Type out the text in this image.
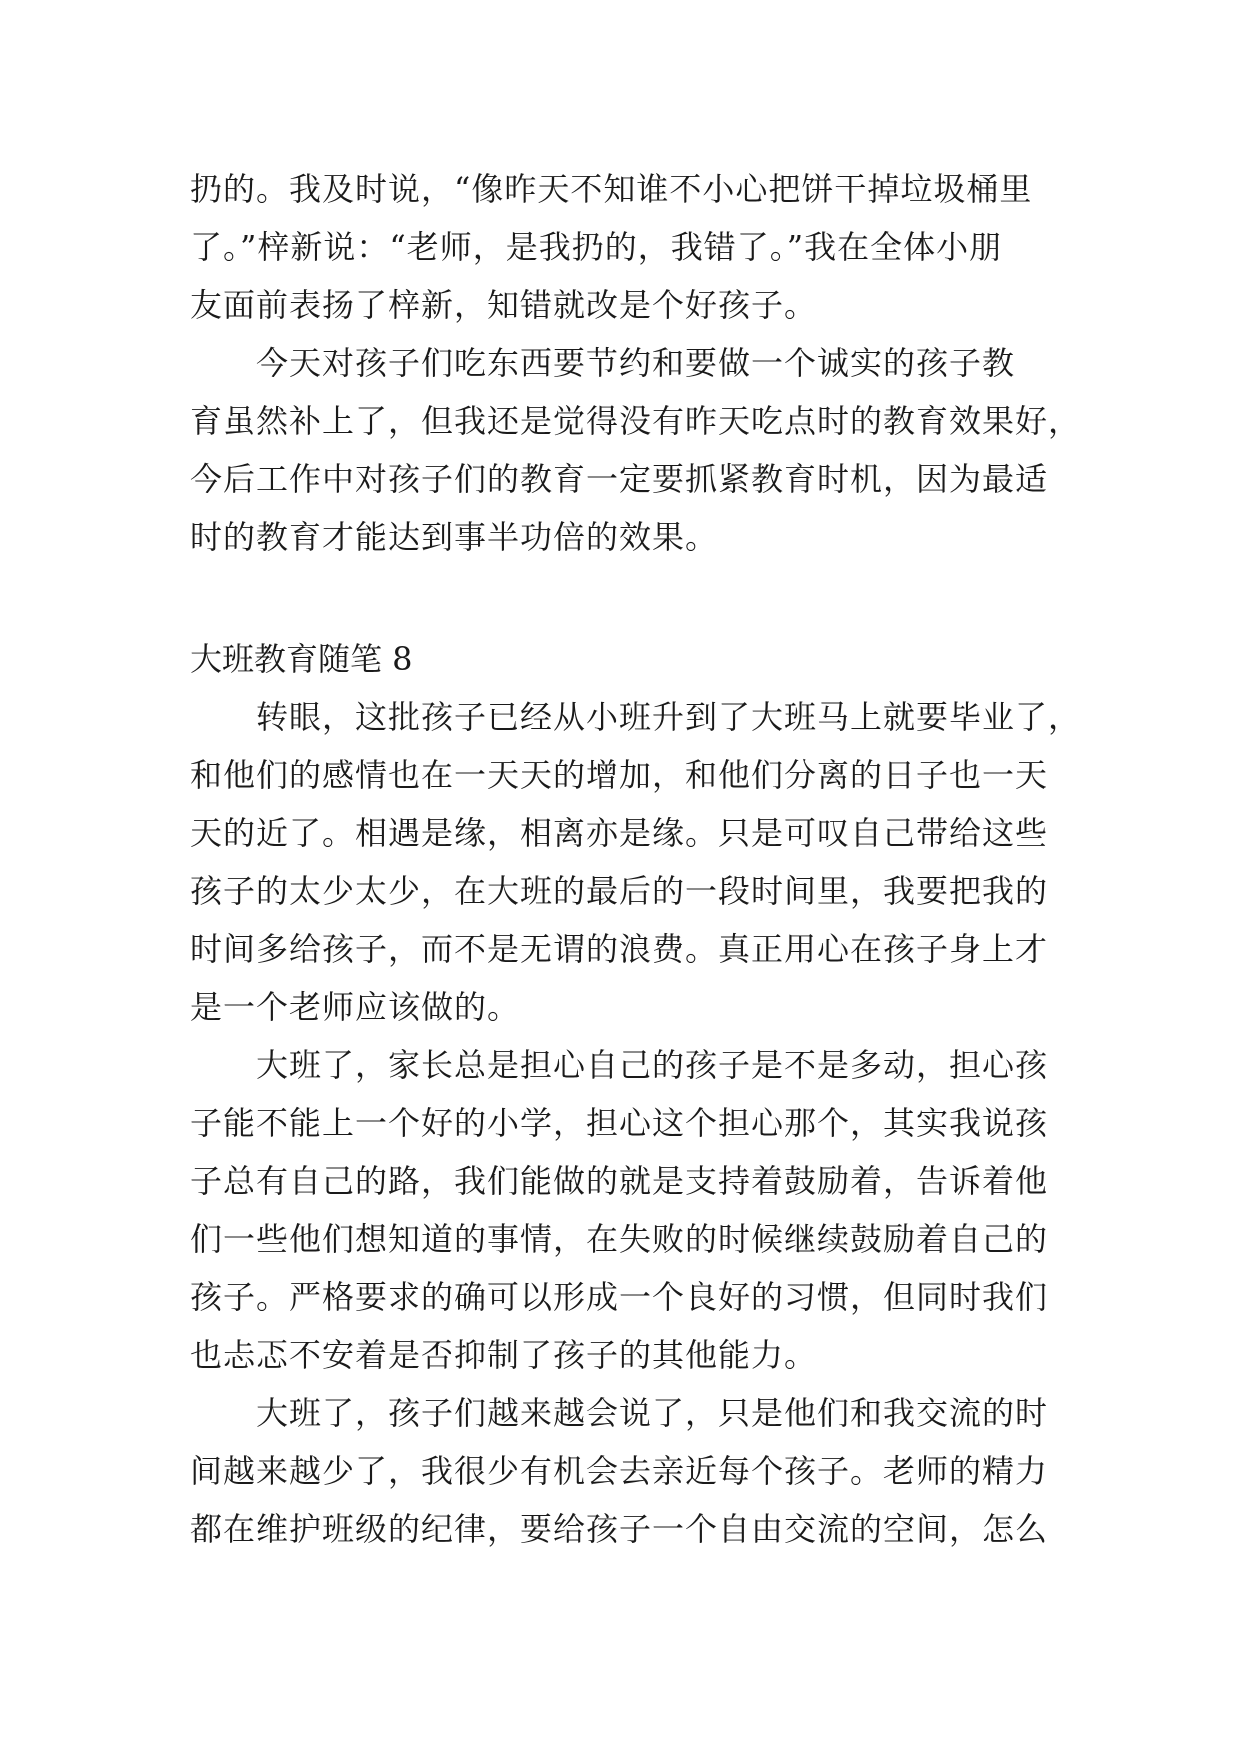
扔的。我及时说，“像昨天不知谁不小心把饼干掉垃圾桶里
了。”梓新说：“老师，是我扔的，我错了。”我在全体小朋
友面前表扬了梓新，知错就改是个好孩子。
今天对孩子们吃东西要节约和要做一个诚实的孩子教
育虽然补上了，但我还是觉得没有昨天吃点时的教育效果好，
今后工作中对孩子们的教育一定要抓紧教育时机，因为最适
时的教育才能达到事半功倍的效果。
大班教育随笔 8
转眼，这批孩子已经从小班升到了大班马上就要毕业了，
和他们的感情也在一天天的增加，和他们分离的日子也一天
天的近了。相遇是缘，相离亦是缘。只是可叹自己带给这些
孩子的太少太少，在大班的最后的一段时间里，我要把我的
时间多给孩子，而不是无谓的浪费。真正用心在孩子身上才
是一个老师应该做的。
大班了，家长总是担心自己的孩子是不是多动，担心孩
子能不能上一个好的小学，担心这个担心那个，其实我说孩
子总有自己的路，我们能做的就是支持着鼓励着，告诉着他
们一些他们想知道的事情，在失败的时候继续鼓励着自己的
孩子。严格要求的确可以形成一个良好的习惯，但同时我们
也忐忑不安着是否抑制了孩子的其他能力。
大班了，孩子们越来越会说了，只是他们和我交流的时
间越来越少了，我很少有机会去亲近每个孩子。老师的精力
都在维护班级的纪律，要给孩子一个自由交流的空间，怎么
